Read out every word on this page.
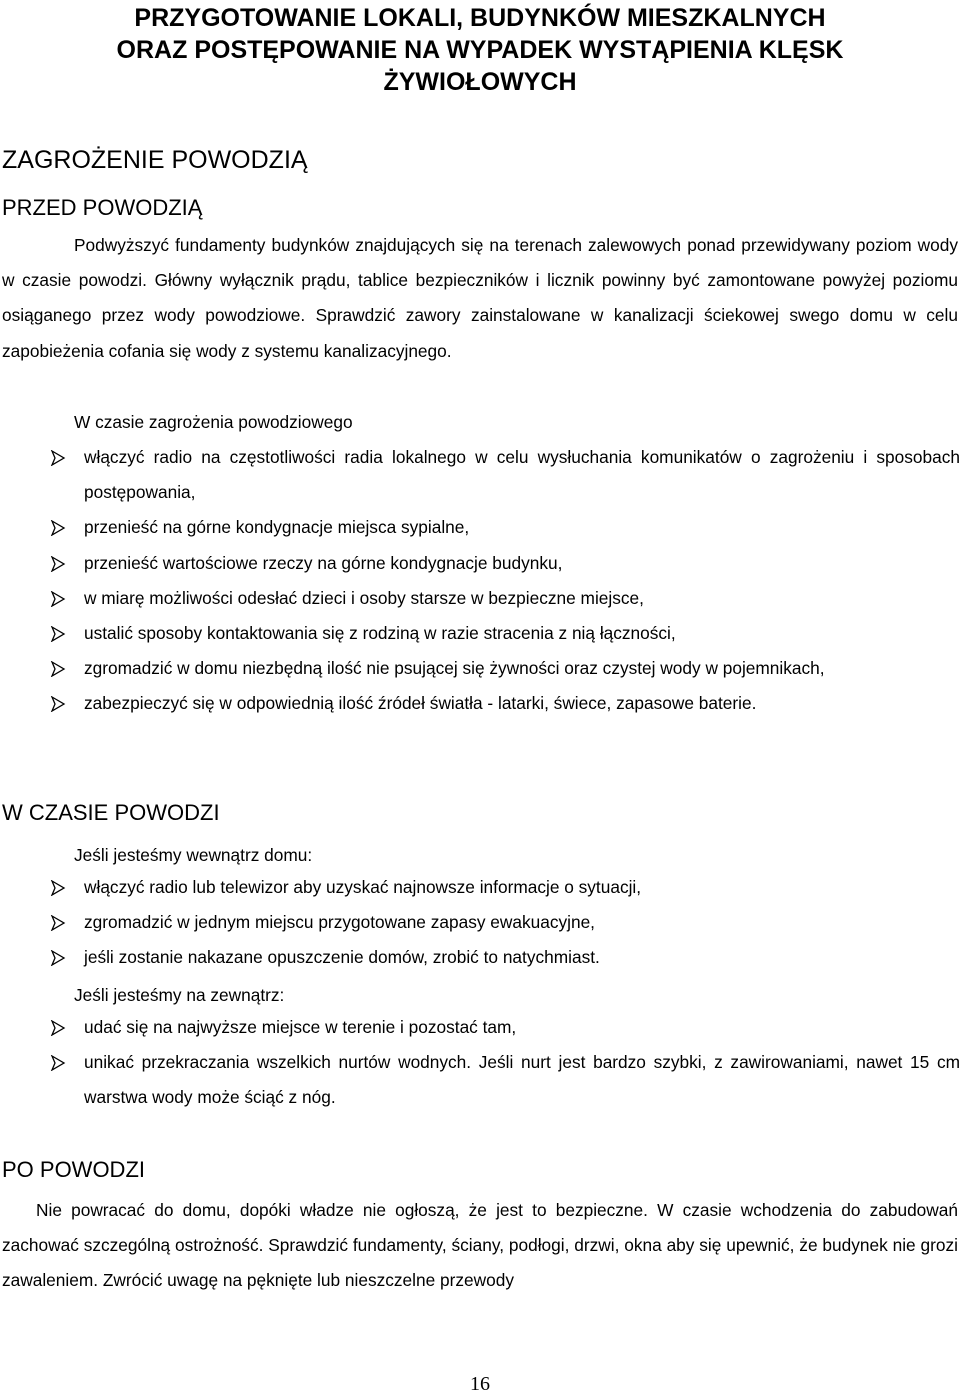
PRZYGOTOWANIE LOKALI, BUDYNKÓW MIESZKALNYCH
ORAZ POSTĘPOWANIE NA WYPADEK WYSTĄPIENIA KLĘSK
ŻYWIOŁOWYCH
ZAGROŻENIE POWODZIĄ
PRZED POWODZIĄ

Podwyższyć fundamenty budynków znajdujących się na terenach zalewowych ponad przewidywany poziom wody w czasie powodzi. Główny wyłącznik prądu, tablice bezpieczników i licznik powinny być zamontowane powyżej poziomu osiąganego przez wody powodziowe. Sprawdzić zawory zainstalowane w kanalizacji ściekowej swego domu w celu zapobieżenia cofania się wody z systemu kanalizacyjnego.

W czasie zagrożenia powodziowego
włączyć radio na częstotliwości radia lokalnego w celu wysłuchania komunikatów o zagrożeniu i sposobach postępowania,
przenieść na górne kondygnacje miejsca sypialne,
przenieść wartościowe rzeczy na górne kondygnacje budynku,
w miarę możliwości odesłać dzieci i osoby starsze w bezpieczne miejsce,
ustalić sposoby kontaktowania się z rodziną w razie stracenia z nią łączności,
zgromadzić w domu niezbędną ilość nie psującej się żywności oraz czystej wody w pojemnikach,
zabezpieczyć się w odpowiednią ilość źródeł światła - latarki, świece, zapasowe baterie.
W CZASIE POWODZI
Jeśli jesteśmy wewnątrz domu:
włączyć radio lub telewizor aby uzyskać najnowsze informacje o sytuacji,
zgromadzić w jednym miejscu przygotowane zapasy ewakuacyjne,
jeśli zostanie nakazane opuszczenie domów, zrobić to natychmiast.
Jeśli jesteśmy na zewnątrz:
udać się na najwyższe miejsce w terenie i pozostać tam,
unikać przekraczania wszelkich nurtów wodnych. Jeśli nurt jest bardzo szybki, z zawirowaniami, nawet 15 cm warstwa wody może ściąć z nóg.
PO POWODZI

Nie powracać do domu, dopóki władze nie ogłoszą, że jest to bezpieczne. W czasie wchodzenia do zabudowań zachować szczególną ostrożność. Sprawdzić fundamenty, ściany, podłogi, drzwi, okna aby się upewnić, że budynek nie grozi zawaleniem. Zwrócić uwagę na pęknięte lub nieszczelne przewody

16
